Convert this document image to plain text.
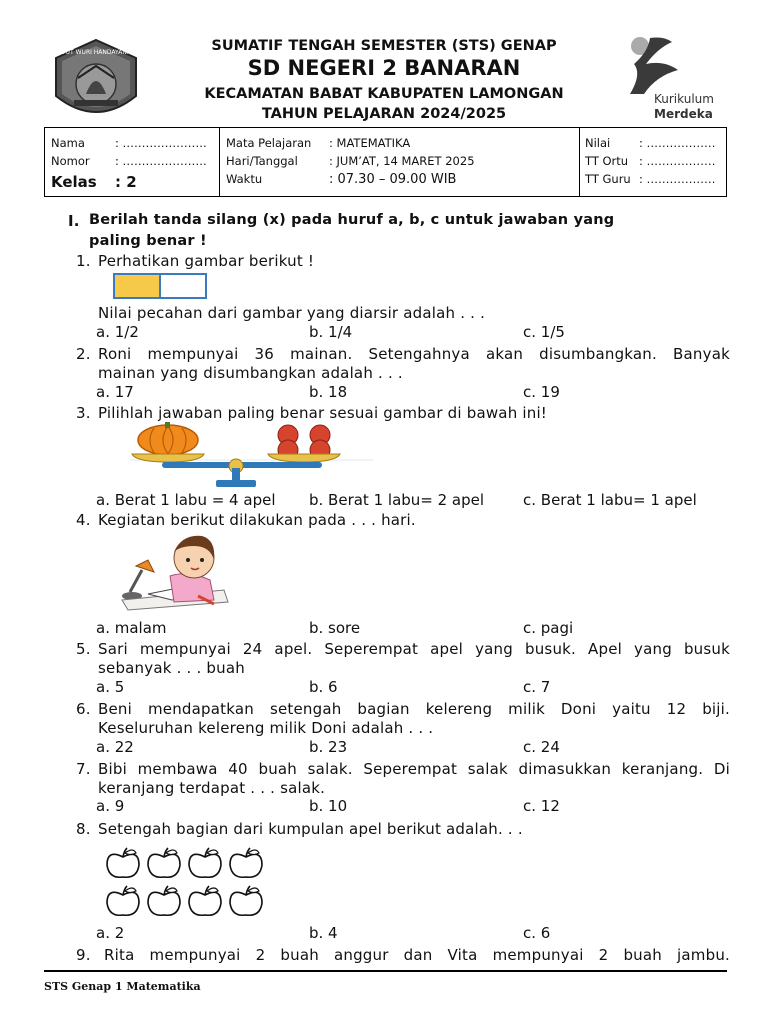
TUT WURI HANDAYANI	SUMATIF TENGAH SEMESTER (STS) GENAP
SD NEGERI 2 BANARAN
KECAMATAN BABAT KABUPATEN LAMONGAN
TAHUN PELAJARAN 2024/2025
Kurikulum
Merdeka
Nama	: ………………….
Nomor : ………………….
Kelas : 2
Mata Pelajaran : MATEMATIKA
Hari/Tanggal	: JUM’AT, 14 MARET 2025
Waktu	: 07.30 – 09.00 WIB
Nilai	: ………………
TT Ortu : ………………
TT Guru : ………………
I. Berilah tanda silang (x) pada huruf a, b, c untuk jawaban yang
paling benar !
1. Perhatikan gambar berikut !
Nilai pecahan dari gambar yang diarsir adalah . . .
a. 1/2	b. 1/4	c. 1/5
2. Roni mempunyai 36 mainan. Setengahnya akan disumbangkan. Banyak
mainan yang disumbangkan adalah . . .
a. 17	b. 18	c. 19
3. Pilihlah jawaban paling benar sesuai gambar di bawah ini!
a. Berat 1 labu = 4 apel b. Berat 1 labu= 2 apel	c. Berat 1 labu= 1 apel
4. Kegiatan berikut dilakukan pada . . . hari.
a. malam	b. sore	c. pagi
5. Sari mempunyai 24 apel. Seperempat apel yang busuk. Apel yang busuk
sebanyak . . . buah
a. 5	b. 6	c. 7
6. Beni mendapatkan setengah bagian kelereng milik Doni yaitu 12 biji.
Keseluruhan kelereng milik Doni adalah . . .
a. 22	b. 23	c. 24
7. Bibi membawa 40 buah salak. Seperempat salak dimasukkan keranjang. Di
keranjang terdapat . . . salak.
a. 9	b. 10	c. 12
8. Setengah bagian dari kumpulan apel berikut adalah. . .
a. 2	b. 4	c. 6
9. Rita mempunyai 2 buah anggur dan Vita mempunyai 2 buah jambu.
STS Genap 1 Matematika
